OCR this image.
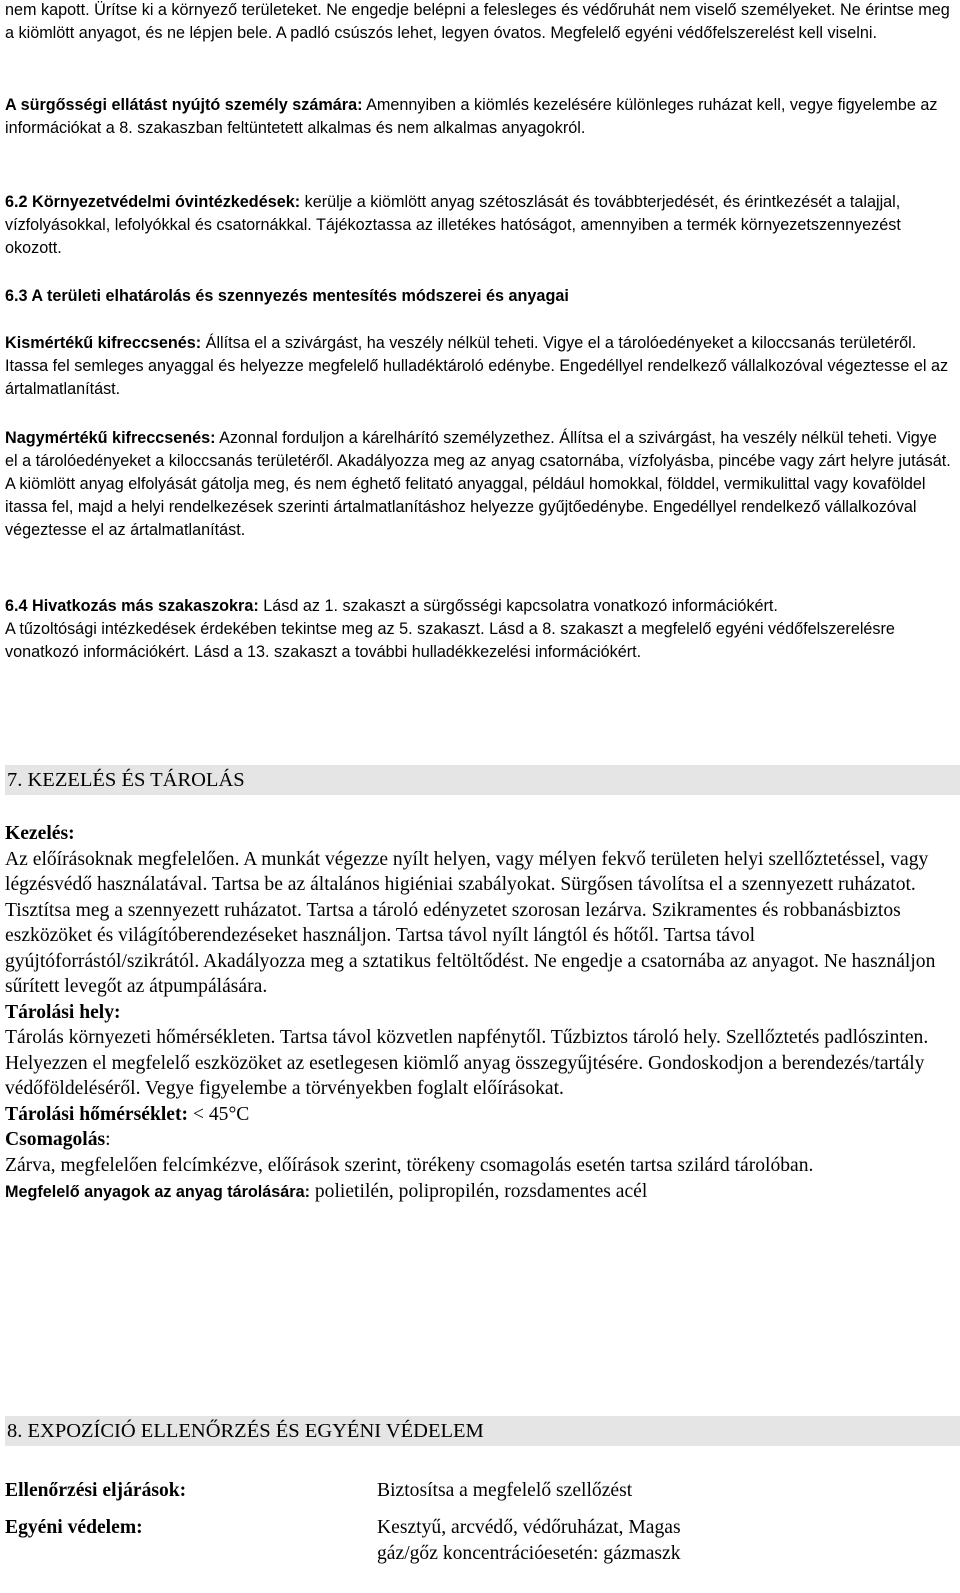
nem kapott. Ürítse ki a környező területeket. Ne engedje belépni a felesleges és védőruhát nem viselő személyeket. Ne érintse meg a kiömlött anyagot, és ne lépjen bele. A padló csúszós lehet, legyen óvatos. Megfelelő egyéni védőfelszerelést kell viselni.

A sürgősségi ellátást nyújtó személy számára: Amennyiben a kiömlés kezelésére különleges ruházat kell, vegye figyelembe az információkat a 8. szakaszban feltüntetett alkalmas és nem alkalmas anyagokról.

6.2 Környezetvédelmi óvintézkedések: kerülje a kiömlött anyag szétoszlását és továbbterjedését, és érintkezését a talajjal, vízfolyásokkal, lefolyókkal és csatornákkal. Tájékoztassa az illetékes hatóságot, amennyiben a termék környezetszennyezést okozott.

6.3 A területi elhatárolás és szennyezés mentesítés módszerei és anyagai

Kismértékű kifreccsenés: Állítsa el a szivárgást, ha veszély nélkül teheti. Vigye el a tárolóedényeket a kiloccsanás területéről. Itassa fel semleges anyaggal és helyezze megfelelő hulladéktároló edénybe. Engedéllyel rendelkező vállalkozóval végeztesse el az ártalmatlanítást.

Nagymértékű kifreccsenés: Azonnal forduljon a kárelhárító személyzethez. Állítsa el a szivárgást, ha veszély nélkül teheti. Vigye el a tárolóedényeket a kiloccsanás területéről. Akadályozza meg az anyag csatornába, vízfolyásba, pincébe vagy zárt helyre jutását. A kiömlött anyag elfolyását gátolja meg, és nem éghető felitató anyaggal, például homokkal, földdel, vermikulittal vagy kovaföldel itassa fel, majd a helyi rendelkezések szerinti ártalmatlanításhoz helyezze gyűjtőedénybe. Engedéllyel rendelkező vállalkozóval végeztesse el az ártalmatlanítást.

6.4 Hivatkozás más szakaszokra: Lásd az 1. szakaszt a sürgősségi kapcsolatra vonatkozó információkért.

A tűzoltósági intézkedések érdekében tekintse meg az 5. szakaszt. Lásd a 8. szakaszt a megfelelő egyéni védőfelszerelésre vonatkozó információkért. Lásd a 13. szakaszt a további hulladékkezelési információkért.

7. KEZELÉS ÉS TÁROLÁS

Kezelés:

Az előírásoknak megfelelően. A munkát végezze nyílt helyen, vagy mélyen fekvő területen helyi szellőztetéssel, vagy légzésvédő használatával. Tartsa be az általános higiéniai szabályokat. Sürgősen távolítsa el a szennyezett ruházatot. Tisztítsa meg a szennyezett ruházatot. Tartsa a tároló edényzetet szorosan lezárva. Szikramentes és robbanásbiztos eszközöket és világítóberendezéseket használjon. Tartsa távol nyílt lángtól és hőtől. Tartsa távol gyújtóforrástól/szikrától. Akadályozza meg a sztatikus feltöltődést. Ne engedje a csatornába az anyagot. Ne használjon sűrített levegőt az átpumpálására.

Tárolási hely:

Tárolás környezeti hőmérsékleten. Tartsa távol közvetlen napfénytől. Tűzbiztos tároló hely. Szellőztetés padlószinten. Helyezzen el megfelelő eszközöket az esetlegesen kiömlő anyag összegyűjtésére. Gondoskodjon a berendezés/tartály védőföldeléséről. Vegye figyelembe a törvényekben foglalt előírásokat.

Tárolási hőmérséklet: < 45°C

Csomagolás:

Zárva, megfelelően felcímkézve, előírások szerint, törékeny csomagolás esetén tartsa szilárd tárolóban.

Megfelelő anyagok az anyag tárolására: polietilén, polipropilén, rozsdamentes acél

8. EXPOZÍCIÓ ELLENŐRZÉS ÉS EGYÉNI VÉDELEM
Ellenőrzési eljárások:	Biztosítsa a megfelelő szellőzést
Egyéni védelem:	Kesztyű, arcvédő, védőruházat, Magas
gáz/gőz koncentrációesetén: gázmaszk
